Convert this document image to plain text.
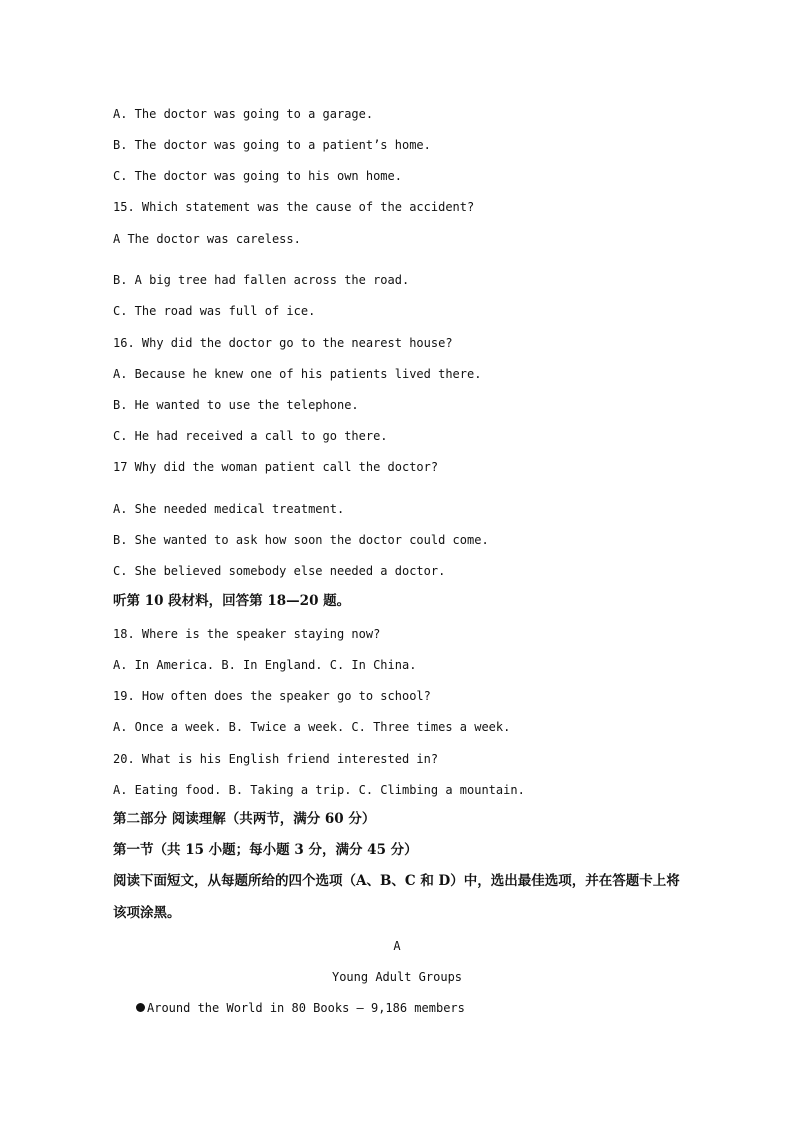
A. The doctor was going to a garage.
B. The doctor was going to a patient’s home.
C. The doctor was going to his own home.
15. Which statement was the cause of the accident?
A The doctor was careless.
B. A big tree had fallen across the road.
C. The road was full of ice.
16. Why did the doctor go to the nearest house?
A. Because he knew one of his patients lived there.
B. He wanted to use the telephone.
C. He had received a call to go there.
17 Why did the woman patient call the doctor?
A. She needed medical treatment.
B. She wanted to ask how soon the doctor could come.
C. She believed somebody else needed a doctor.
听第 10 段材料，回答第 18—20 题。
18. Where is the speaker staying now?
A. In America. B. In England. C. In China.
19. How often does the speaker go to school?
A. Once a week. B. Twice a week. C. Three times a week.
20. What is his English friend interested in?
A. Eating food. B. Taking a trip. C. Climbing a mountain.
第二部分 阅读理解（共两节，满分 60 分）
第一节（共 15 小题；每小题 3 分，满分 45 分）
阅读下面短文，从每题所给的四个选项（A、B、C 和 D）中，选出最佳选项，并在答题卡上将
该项涂黑。
A
Young Adult Groups
Around the World in 80 Books — 9,186 members
